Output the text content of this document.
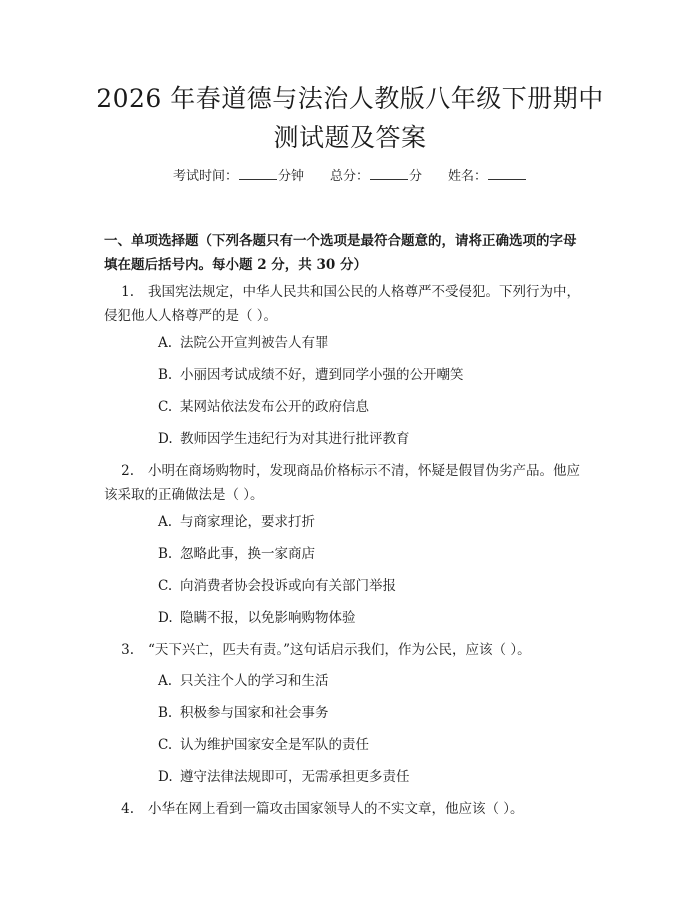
2026 年春道德与法治人教版八年级下册期中
测试题及答案
考试时间：	分钟 总分：	分 姓名：
一、单项选择题（下列各题只有一个选项是最符合题意的，请将正确选项的字母
填在题后括号内。每小题 2 分，共 30 分）
1. 我国宪法规定，中华人民共和国公民的人格尊严不受侵犯。下列行为中，
侵犯他人人格尊严的是（ ）。
A. 法院公开宣判被告人有罪
B. 小丽因考试成绩不好，遭到同学小强的公开嘲笑
C. 某网站依法发布公开的政府信息
D. 教师因学生违纪行为对其进行批评教育
2. 小明在商场购物时，发现商品价格标示不清，怀疑是假冒伪劣产品。他应
该采取的正确做法是（ ）。
A. 与商家理论，要求打折
B. 忽略此事，换一家商店
C. 向消费者协会投诉或向有关部门举报
D. 隐瞒不报，以免影响购物体验
3. “天下兴亡，匹夫有责。”这句话启示我们，作为公民，应该（ ）。
A. 只关注个人的学习和生活
B. 积极参与国家和社会事务
C. 认为维护国家安全是军队的责任
D. 遵守法律法规即可，无需承担更多责任
4. 小华在网上看到一篇攻击国家领导人的不实文章，他应该（ ）。
